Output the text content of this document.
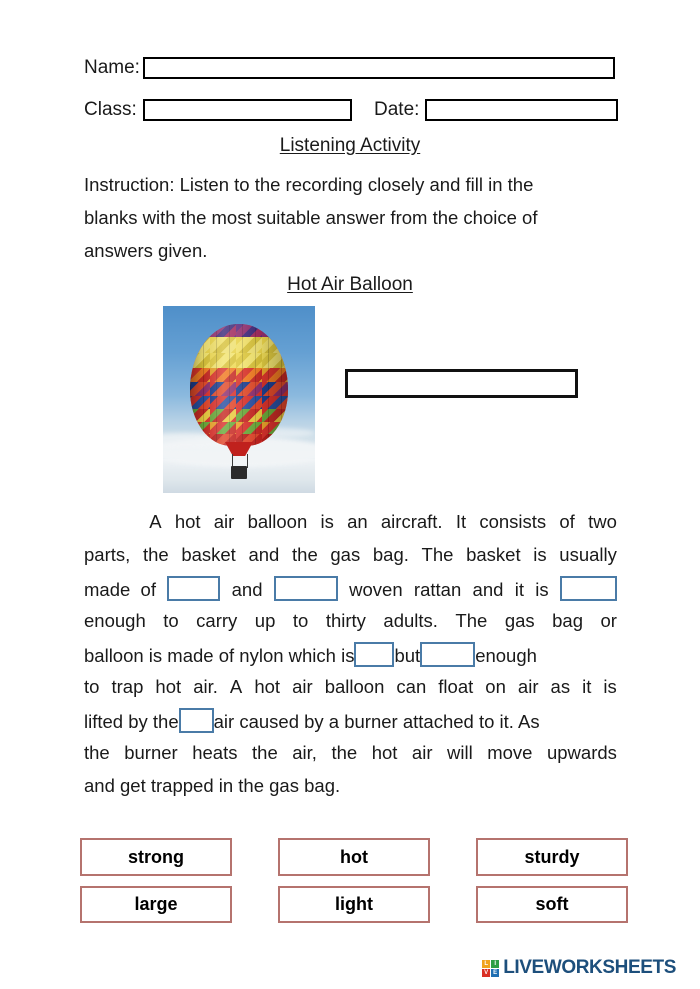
Name:
Class:	Date:
Listening Activity
Instruction: Listen to the recording closely and fill in the
blanks with the most suitable answer from the choice of
answers given.
Hot Air Balloon
A hot air balloon is an aircraft. It consists of two
parts, the basket and the gas bag. The basket is usually
made  of	and	woven rattan and it is
enough to carry up to thirty adults. The gas bag or
balloon is made of nylon which is but	enough
to trap hot air. A hot air balloon can float on air as it is
lifted by the air caused by a burner attached to it. As
the burner heats the air, the hot air will move upwards
and get trapped in the gas bag.
strong	hot	sturdy
large	light	soft
L	I
V E LIVEWORKSHEETS
